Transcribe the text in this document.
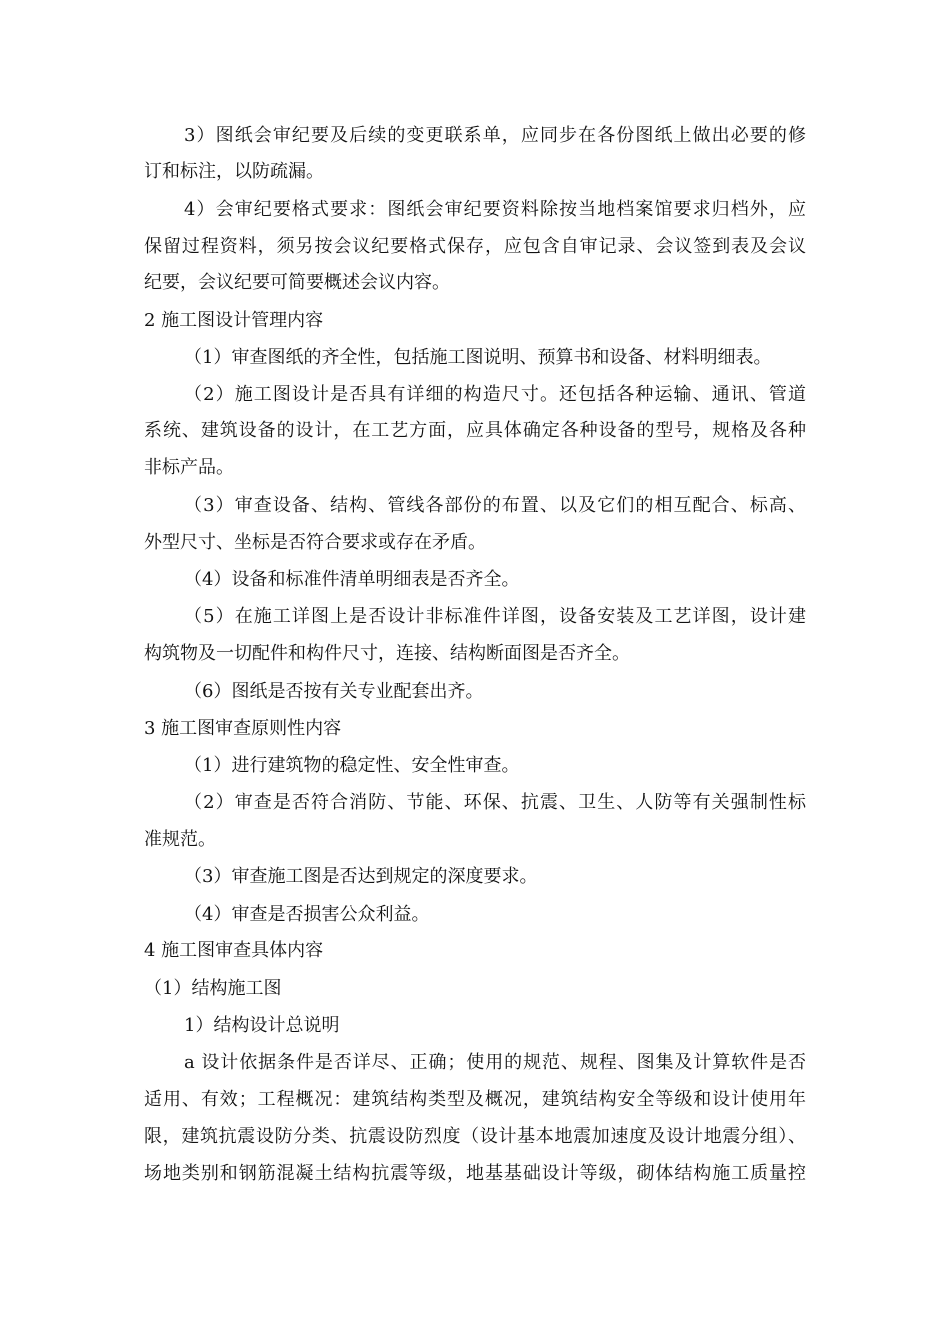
3）图纸会审纪要及后续的变更联系单，应同步在各份图纸上做出必要的修
订和标注，以防疏漏。
4）会审纪要格式要求：图纸会审纪要资料除按当地档案馆要求归档外，应
保留过程资料，须另按会议纪要格式保存，应包含自审记录、会议签到表及会议
纪要，会议纪要可简要概述会议内容。
2 施工图设计管理内容
（1）审查图纸的齐全性，包括施工图说明、预算书和设备、材料明细表。
（2）施工图设计是否具有详细的构造尺寸。还包括各种运输、通讯、管道
系统、建筑设备的设计，在工艺方面，应具体确定各种设备的型号，规格及各种
非标产品。
（3）审查设备、结构、管线各部份的布置、以及它们的相互配合、标高、
外型尺寸、坐标是否符合要求或存在矛盾。
（4）设备和标准件清单明细表是否齐全。
（5）在施工详图上是否设计非标准件详图，设备安装及工艺详图，设计建
构筑物及一切配件和构件尺寸，连接、结构断面图是否齐全。
（6）图纸是否按有关专业配套出齐。
3 施工图审查原则性内容
（1）进行建筑物的稳定性、安全性审查。
（2）审查是否符合消防、节能、环保、抗震、卫生、人防等有关强制性标
准规范。
（3）审查施工图是否达到规定的深度要求。
（4）审查是否损害公众利益。
4 施工图审查具体内容
（1）结构施工图
1）结构设计总说明
a 设计依据条件是否详尽、正确；使用的规范、规程、图集及计算软件是否
适用、有效；工程概况：建筑结构类型及概况，建筑结构安全等级和设计使用年
限，建筑抗震设防分类、抗震设防烈度（设计基本地震加速度及设计地震分组）、
场地类别和钢筋混凝土结构抗震等级，地基基础设计等级，砌体结构施工质量控
